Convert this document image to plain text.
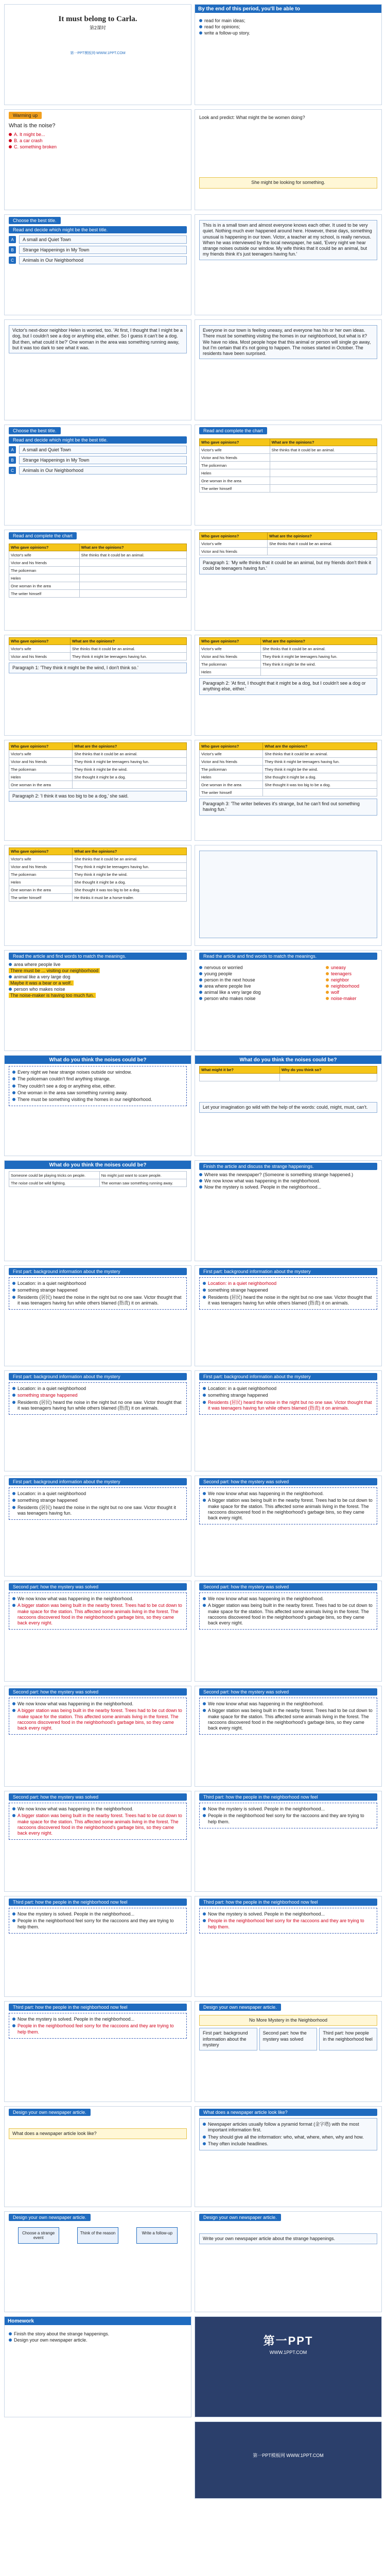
It must belong to Carla.

第2课时

第一PPT模板网-WWW.1PPT.COM

By the end of this period, you'll be able to
read for main ideas;
read for opinions;
write a follow-up story.
Warming up

What is the noise?

A. It might be...
B. a car crash
C. something broken

Look and predict: What might the be women doing?

She might be looking for something.
Choose the best title.
Read and decide which might be the best title.
A	A small and Quiet Town
B	Strange Happenings in My Town
C	Animals in Our Neighborhood
This is in a small town and almost everyone knows each other. It used to be very quiet. Nothing much ever happened around here. However, these days, something unusual is happening in our town. Victor, a teacher at my school, is really nervous. When he was interviewed by the local newspaper, he said, 'Every night we hear strange noises outside our window. My wife thinks that it could be an animal, but my friends think it's just teenagers having fun.'
Victor's next-door neighbor Helen is worried, too. 'At first, I thought that I might be a dog, but I couldn't see a dog or anything else, either. So I guess it can't be a dog. But then, what could it be?' One woman in the area was something running away, but it was too dark to see what it was.
Everyone in our town is feeling uneasy, and everyone has his or her own ideas. There must be something visiting the homes in our neighborhood, but what is it? We have no idea. Most people hope that this animal or person will single go away, but I'm certain that it's not going to happen. The noises started in October. The residents have been surprised.
Choose the best title.
Read and decide which might be the best title.
A	A small and Quiet Town
B	Strange Happenings in My Town
C	Animals in Our Neighborhood
Read and complete the chart
Who gave opinions?	What are the opinions?
Victor's wife	She thinks that it could be an animal.
Victor and his friends	
The policeman	
Helen	
One woman in the area	
The writer himself	
Read and complete the chart
Who gave opinions?	What are the opinions?
Victor's wife	She thinks that it could be an animal.
Victor and his friends	
The policeman	
Helen	
One woman in the area	
The writer himself	
Who gave opinions?	What are the opinions?
Victor's wife	She thinks that it could be an animal.
Victor and his friends	
Paragraph 1: 'My wife thinks that it could be an animal, but my friends don't think it could be teenagers having fun.'
Who gave opinions?	What are the opinions?
Victor's wife	She thinks that it could be an animal.
Victor and his friends	They think it might be teenagers having fun.
Paragraph 1: 'They think it might be the wind, I don't think so.'
Who gave opinions?	What are the opinions?
Victor's wife	She thinks that it could be an animal.
Victor and his friends	They think it might be teenagers having fun.
The policeman	They think it might be the wind.
Helen	
Paragraph 2: 'At first, I thought that it might be a dog, but I couldn't see a dog or anything else, either.'
Who gave opinions?	What are the opinions?
Victor's wife	She thinks that it could be an animal.
Victor and his friends	They think it might be teenagers having fun.
The policeman	They think it might be the wind.
Helen	She thought it might be a dog.
One woman in the area	
Paragraph 2: 'I think it was too big to be a dog,' she said.
Who gave opinions?	What are the opinions?
Victor's wife	She thinks that it could be an animal.
Victor and his friends	They think it might be teenagers having fun.
The policeman	They think it might be the wind.
Helen	She thought it might be a dog.
One woman in the area	She thought it was too big to be a dog.
The writer himself	
Paragraph 3: 'The writer believes it's strange, but he can't find out something having fun.'
Who gave opinions?	What are the opinions?
Victor's wife	She thinks that it could be an animal.
Victor and his friends	They think it might be teenagers having fun.
The policeman	They think it might be the wind.
Helen	She thought it might be a dog.
One woman in the area	She thought it was too big to be a dog.
The writer himself	He thinks it must be a horse-trailer.
Read the article and find words to match the meanings.
area where people live
There must be ... visiting our neighborhood
animal like a very large dog
Maybe it was a bear or a wolf.
person who makes noise
The noise-maker is having too much fun.
Read the article and find words to match the meanings.
nervous or worried
young people
person in the next house
area where people live
animal like a very large dog
person who makes noise
uneasy
teenagers
neighbor
neighborhood
wolf
noise-maker
What do you think the noises could be?
Every night we hear strange noises outside our window.
The policeman couldn't find anything strange.
They couldn't see a dog or anything else, either.
One woman in the area saw something running away.
There must be something visiting the homes in our neighborhood.
What do you think the noises could be?
What might it be?	Why do you think so?

Let your imagination go wild with the help of the words: could, might, must, can't.
What do you think the noises could be?
Someone could be playing tricks on people.	No might just want to scare people.
The noise could be wild fighting.	The woman saw something running away.
Finish the article and discuss the strange happenings.
Where was the newspaper? (Someone is something strange happened.)
We now know what was happening in the neighborhood.
Now the mystery is solved. People in the neighborhood...
First part: background information about the mystery
Location: in a quiet neighborhood
something strange happened
Residents (居民) heard the noise in the night but no one saw. Victor thought that it was teenagers having fun while others blamed (指责) it on animals.
First part: background information about the mystery
Location: in a quiet neighborhood
something strange happened
Residents (居民) heard the noise in the night but no one saw. Victor thought that it was teenagers having fun while others blamed (指责) it on animals.
First part: background information about the mystery
Location: in a quiet neighborhood
something strange happened
Residents (居民) heard the noise in the night but no one saw. Victor thought that it was teenagers having fun while others blamed (指责) it on animals.
First part: background information about the mystery
Location: in a quiet neighborhood
something strange happened
Residents (居民) heard the noise in the night but no one saw. Victor thought that it was teenagers having fun while others blamed (指责) it on animals.
First part: background information about the mystery
Location: in a quiet neighborhood
something strange happened
Residents (居民) heard the noise in the night but no one saw. Victor thought it was teenagers having fun.
Second part: how the mystery was solved
We now know what was happening in the neighborhood.
A bigger station was being built in the nearby forest. Trees had to be cut down to make space for the station. This affected some animals living in the forest. The raccoons discovered food in the neighborhood's garbage bins, so they came back every night.
Second part: how the mystery was solved
We now know what was happening in the neighborhood.
A bigger station was being built in the nearby forest. Trees had to be cut down to make space for the station. This affected some animals living in the forest. The raccoons discovered food in the neighborhood's garbage bins, so they came back every night.
Second part: how the mystery was solved
We now know what was happening in the neighborhood.
A bigger station was being built in the nearby forest. Trees had to be cut down to make space for the station. This affected some animals living in the forest. The raccoons discovered food in the neighborhood's garbage bins, so they came back every night.
Second part: how the mystery was solved
We now know what was happening in the neighborhood.
A bigger station was being built in the nearby forest. Trees had to be cut down to make space for the station. This affected some animals living in the forest. The raccoons discovered food in the neighborhood's garbage bins, so they came back every night.
Second part: how the mystery was solved
We now know what was happening in the neighborhood.
A bigger station was being built in the nearby forest. Trees had to be cut down to make space for the station. This affected some animals living in the forest. The raccoons discovered food in the neighborhood's garbage bins, so they came back every night.
Second part: how the mystery was solved
We now know what was happening in the neighborhood.
A bigger station was being built in the nearby forest. Trees had to be cut down to make space for the station. This affected some animals living in the forest. The raccoons discovered food in the neighborhood's garbage bins, so they came back every night.
Third part: how the people in the neighborhood now feel
Now the mystery is solved. People in the neighborhood...
People in the neighborhood feel sorry for the raccoons and they are trying to help them.
Third part: how the people in the neighborhood now feel
Now the mystery is solved. People in the neighborhood...
People in the neighborhood feel sorry for the raccoons and they are trying to help them.
Third part: how the people in the neighborhood now feel
Now the mystery is solved. People in the neighborhood...
People in the neighborhood feel sorry for the raccoons and they are trying to help them.
Third part: how the people in the neighborhood now feel
Now the mystery is solved. People in the neighborhood...
People in the neighborhood feel sorry for the raccoons and they are trying to help them.
Design your own newspaper article.
No More Mystery in the Neighborhood
First part: background information about the mystery
Second part: how the mystery was solved
Third part: how people in the neighborhood feel
Design your own newspaper article.
What does a newspaper article look like?
What does a newspaper article look like?
Newspaper articles usually follow a pyramid format (金字塔) with the most important information first.
They should give all the information: who, what, where, when, why and how.
They often include headlines.
Design your own newspaper article.
Choose a strange event
Think of the reason	Write a follow-up
Design your own newspaper article.
Write your own newspaper article about the strange happenings.
第一PPT

WWW.1PPT.COM

Homework
Finish the story about the strange happenings.
Design your own newspaper article.

第一PPT模板网 WWW.1PPT.COM
